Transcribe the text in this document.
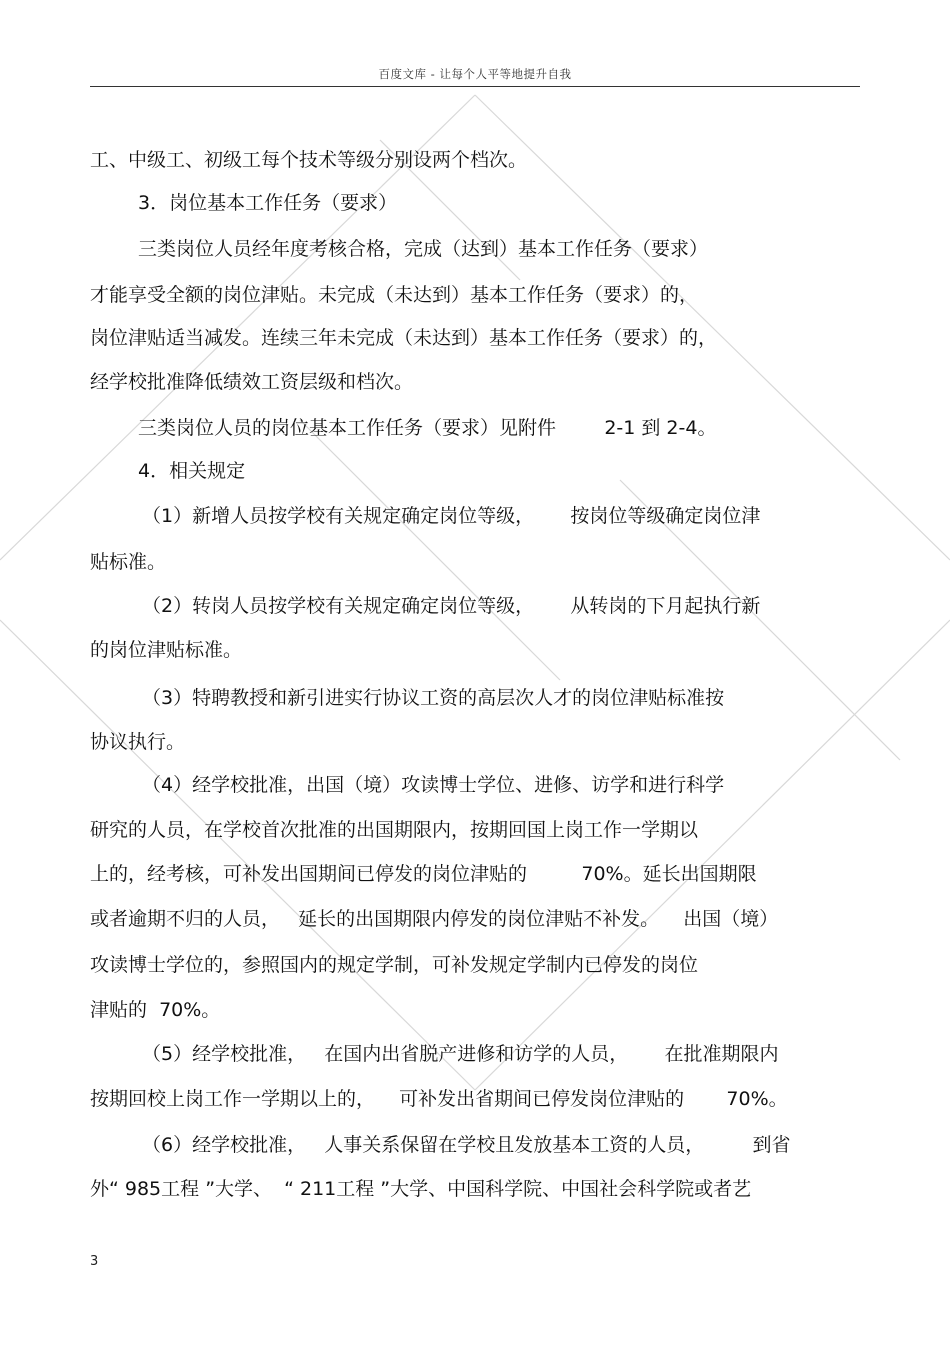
百度文库 - 让每个人平等地提升自我
工、中级工、初级工每个技术等级分别设两个档次。
3．岗位基本工作任务（要求）
三类岗位人员经年度考核合格，完成（达到）基本工作任务（要求）
才能享受全额的岗位津贴。未完成（未达到）基本工作任务（要求）的，
岗位津贴适当减发。连续三年未完成（未达到）基本工作任务（要求）的，
经学校批准降低绩效工资层级和档次。
三类岗位人员的岗位基本工作任务（要求）见附件        2-1 到 2-4。
4．相关规定
（1）新增人员按学校有关规定确定岗位等级，      按岗位等级确定岗位津
贴标准。
（2）转岗人员按学校有关规定确定岗位等级，      从转岗的下月起执行新
的岗位津贴标准。
（3）特聘教授和新引进实行协议工资的高层次人才的岗位津贴标准按
协议执行。
（4）经学校批准，出国（境）攻读博士学位、进修、访学和进行科学
研究的人员，在学校首次批准的出国期限内，按期回国上岗工作一学期以
上的，经考核，可补发出国期间已停发的岗位津贴的         70%。延长出国期限
或者逾期不归的人员，   延长的出国期限内停发的岗位津贴不补发。    出国（境）
攻读博士学位的，参照国内的规定学制，可补发规定学制内已停发的岗位
津贴的  70%。
（5）经学校批准，   在国内出省脱产进修和访学的人员，      在批准期限内
按期回校上岗工作一学期以上的，    可补发出省期间已停发岗位津贴的       70%。
（6）经学校批准，   人事关系保留在学校且发放基本工资的人员，        到省
外“ 985工程 ”大学、  “ 211工程 ”大学、中国科学院、中国社会科学院或者艺
3
